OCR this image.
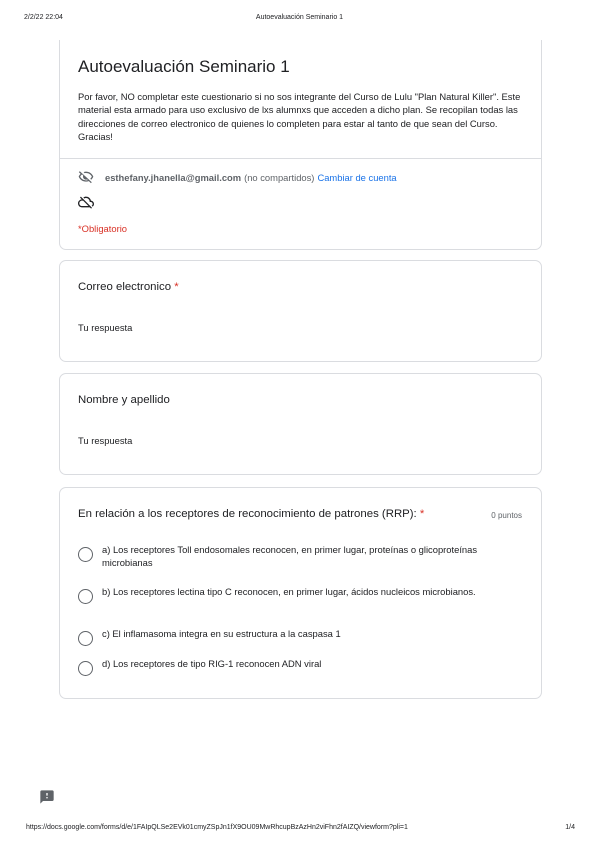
2/2/22 22:04	Autoevaluación Seminario 1
Autoevaluación Seminario 1

Por favor, NO completar este cuestionario si no sos integrante del Curso de Lulu "Plan Natural Killer". Este material esta armado para uso exclusivo de lxs alumnxs que acceden a dicho plan. Se recopilan todas las direcciones de correo electronico de quienes lo completen para estar al tanto de que sean del Curso. Gracias!

esthefany.jhanella@gmail.com (no compartidos) Cambiar de cuenta
*Obligatorio
Correo electronico *
Tu respuesta
Nombre y apellido
Tu respuesta
En relación a los receptores de reconocimiento de patrones (RRP): *	0 puntos
a) Los receptores Toll endosomales reconocen, en primer lugar, proteínas o glicoproteínas microbianas
b) Los receptores lectina tipo C reconocen, en primer lugar, ácidos nucleicos microbianos.
c) El inflamasoma integra en su estructura a la caspasa 1
d) Los receptores de tipo RIG-1 reconocen ADN viral
https://docs.google.com/forms/d/e/1FAIpQLSe2EVk01cmyZSpJn1fX9OU09MwRhcupBzAzHn2viFhn2fAIZQ/viewform?pli=1	1/4
